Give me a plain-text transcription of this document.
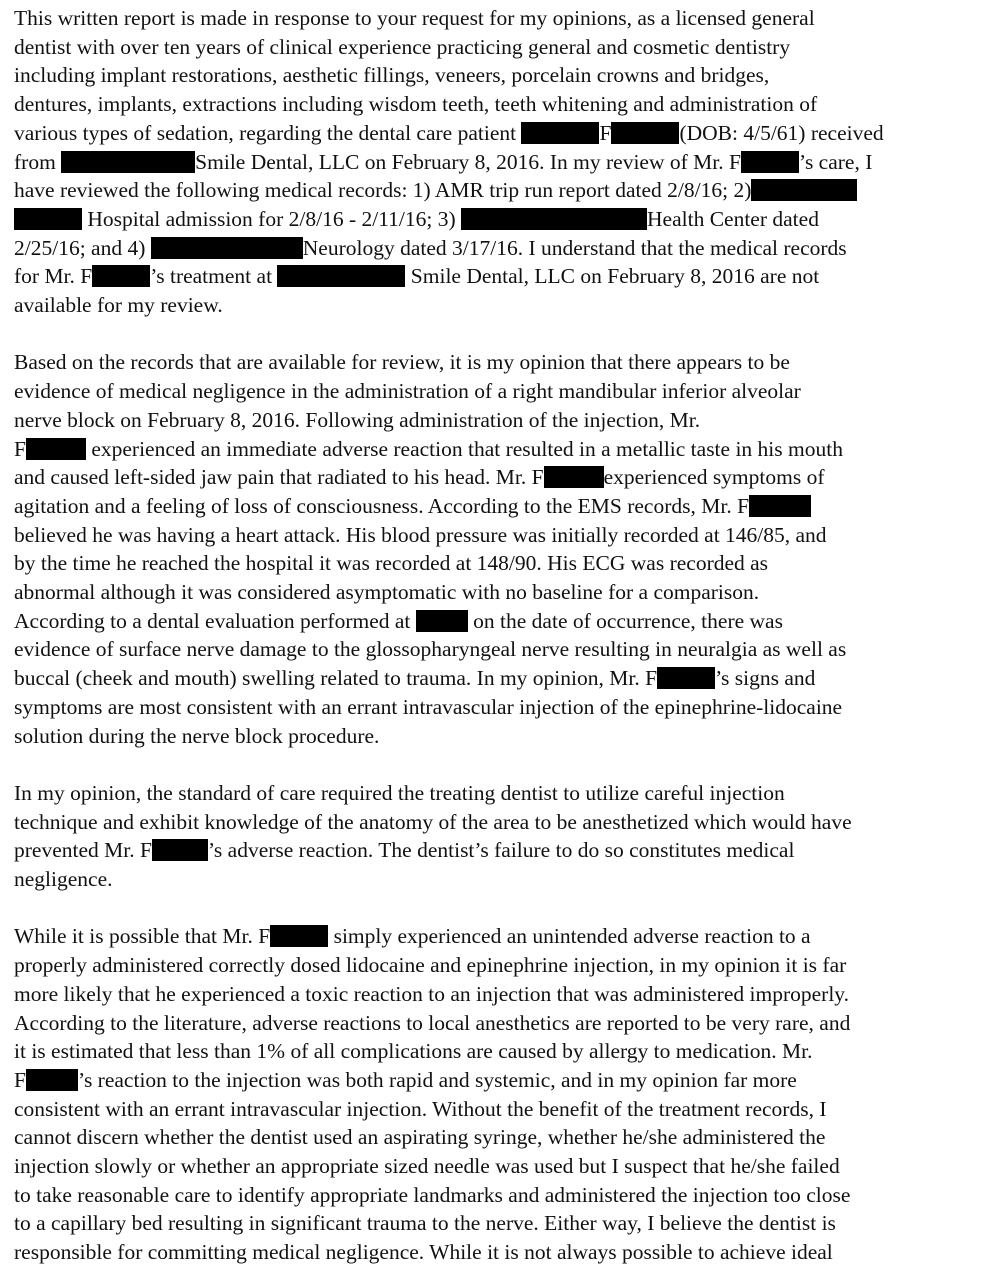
This written report is made in response to your request for my opinions, as a licensed general
dentist with over ten years of clinical experience practicing general and cosmetic dentistry
including implant restorations, aesthetic fillings, veneers, porcelain crowns and bridges,
dentures, implants, extractions including wisdom teeth, teeth whitening and administration of
various types of sedation, regarding the dental care patient	F	(DOB: 4/5/61) received
from	Smile Dental, LLC on February 8, 2016. In my review of Mr. F	’s care, I
have reviewed the following medical records: 1) AMR trip run report dated 2/8/16; 2)
Hospital admission for 2/8/16 - 2/11/16; 3)	Health Center dated
2/25/16; and 4)	Neurology dated 3/17/16. I understand that the medical records
for Mr. F	’s treatment at	Smile Dental, LLC on February 8, 2016 are not
available for my review.

Based on the records that are available for review, it is my opinion that there appears to be
evidence of medical negligence in the administration of a right mandibular inferior alveolar
nerve block on February 8, 2016. Following administration of the injection, Mr.
F	experienced an immediate adverse reaction that resulted in a metallic taste in his mouth
and caused left-sided jaw pain that radiated to his head. Mr. F	experienced symptoms of
agitation and a feeling of loss of consciousness. According to the EMS records, Mr. F
believed he was having a heart attack. His blood pressure was initially recorded at 146/85, and
by the time he reached the hospital it was recorded at 148/90. His ECG was recorded as
abnormal although it was considered asymptomatic with no baseline for a comparison.
According to a dental evaluation performed at  on the date of occurrence, there was
evidence of surface nerve damage to the glossopharyngeal nerve resulting in neuralgia as well as
buccal (cheek and mouth) swelling related to trauma. In my opinion, Mr. F	’s signs and
symptoms are most consistent with an errant intravascular injection of the epinephrine-lidocaine
solution during the nerve block procedure.

In my opinion, the standard of care required the treating dentist to utilize careful injection
technique and exhibit knowledge of the anatomy of the area to be anesthetized which would have
prevented Mr. F	’s adverse reaction. The dentist’s failure to do so constitutes medical
negligence.

While it is possible that Mr. F	simply experienced an unintended adverse reaction to a
properly administered correctly dosed lidocaine and epinephrine injection, in my opinion it is far
more likely that he experienced a toxic reaction to an injection that was administered improperly.
According to the literature, adverse reactions to local anesthetics are reported to be very rare, and
it is estimated that less than 1% of all complications are caused by allergy to medication. Mr.
F ’s reaction to the injection was both rapid and systemic, and in my opinion far more
consistent with an errant intravascular injection. Without the benefit of the treatment records, I
cannot discern whether the dentist used an aspirating syringe, whether he/she administered the
injection slowly or whether an appropriate sized needle was used but I suspect that he/she failed
to take reasonable care to identify appropriate landmarks and administered the injection too close
to a capillary bed resulting in significant trauma to the nerve. Either way, I believe the dentist is
responsible for committing medical negligence. While it is not always possible to achieve ideal
